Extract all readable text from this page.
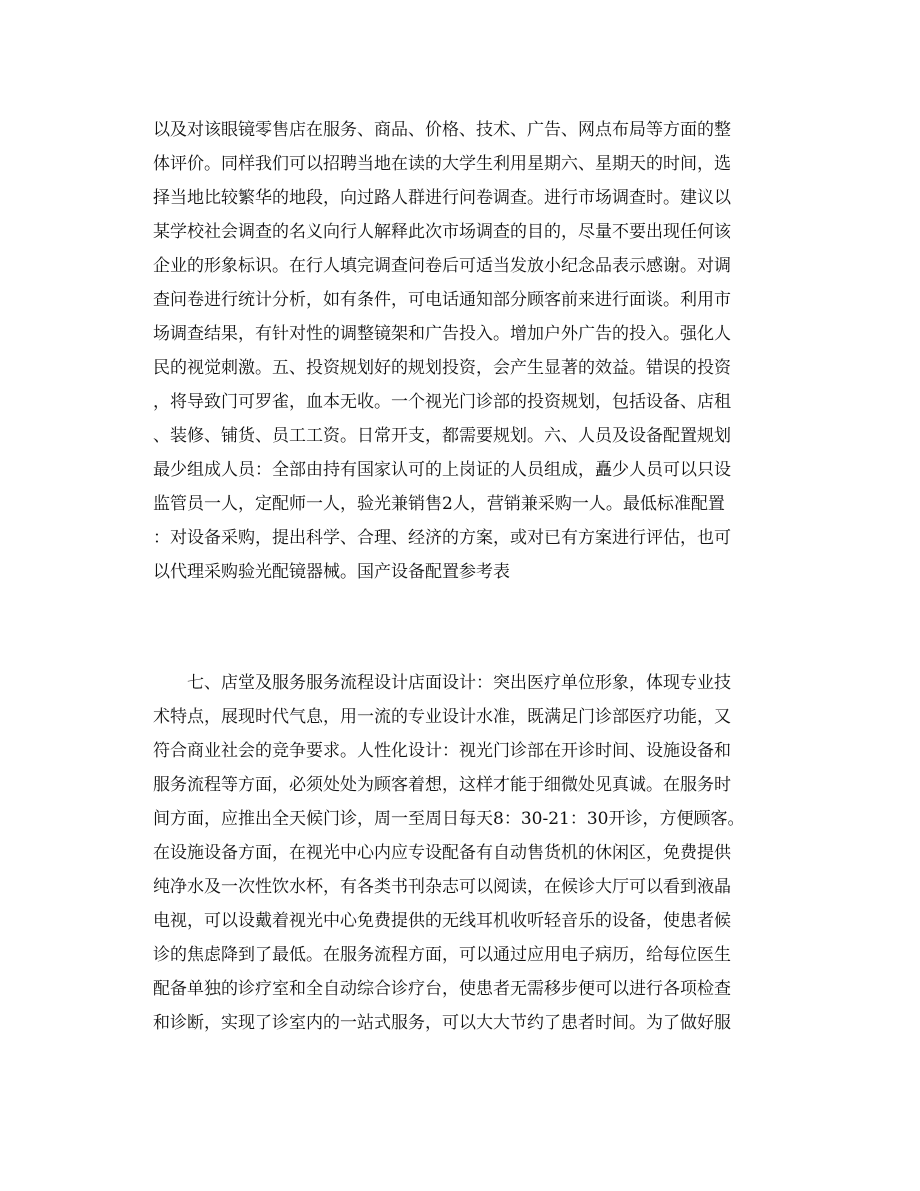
以及对该眼镜零售店在服务、商品、价格、技术、广告、网点布局等方面的整
体评价。同样我们可以招聘当地在读的大学生利用星期六、星期天的时间，选
择当地比较繁华的地段，向过路人群进行问卷调查。进行市场调查时。建议以
某学校社会调查的名义向行人解释此次市场调查的目的，尽量不要出现任何该
企业的形象标识。在行人填完调查问卷后可适当发放小纪念品表示感谢。对调
查问卷进行统计分析，如有条件，可电话通知部分顾客前来进行面谈。利用市
场调查结果，有针对性的调整镜架和广告投入。增加户外广告的投入。强化人
民的视觉刺激。五、投资规划好的规划投资，会产生显著的效益。错误的投资
，将导致门可罗雀，血本无收。一个视光门诊部的投资规划，包括设备、店租
、装修、铺货、员工工资。日常开支，都需要规划。六、人员及设备配置规划
最少组成人员：全部由持有国家认可的上岗证的人员组成，矗少人员可以只设
监管员一人，定配师一人，验光兼销售2人，营销兼采购一人。最低标准配置
：对设备采购，提出科学、合理、经济的方案，或对已有方案进行评估，也可
以代理采购验光配镜器械。国产设备配置参考表
七、店堂及服务服务流程设计店面设计：突出医疗单位形象，体现专业技
术特点，展现时代气息，用一流的专业设计水准，既满足门诊部医疗功能，又
符合商业社会的竞争要求。人性化设计：视光门诊部在开诊时间、设施设备和
服务流程等方面，必须处处为顾客着想，这样才能于细微处见真诚。在服务时
间方面，应推出全天候门诊，周一至周日每天8：30-21：30开诊，方便顾客。
在设施设备方面，在视光中心内应专设配备有自动售货机的休闲区，免费提供
纯净水及一次性饮水杯，有各类书刊杂志可以阅读，在候诊大厅可以看到液晶
电视，可以设戴着视光中心免费提供的无线耳机收听轻音乐的设备，使患者候
诊的焦虑降到了最低。在服务流程方面，可以通过应用电子病历，给每位医生
配备单独的诊疗室和全自动综合诊疗台，使患者无需移步便可以进行各项检查
和诊断，实现了诊室内的一站式服务，可以大大节约了患者时间。为了做好服
